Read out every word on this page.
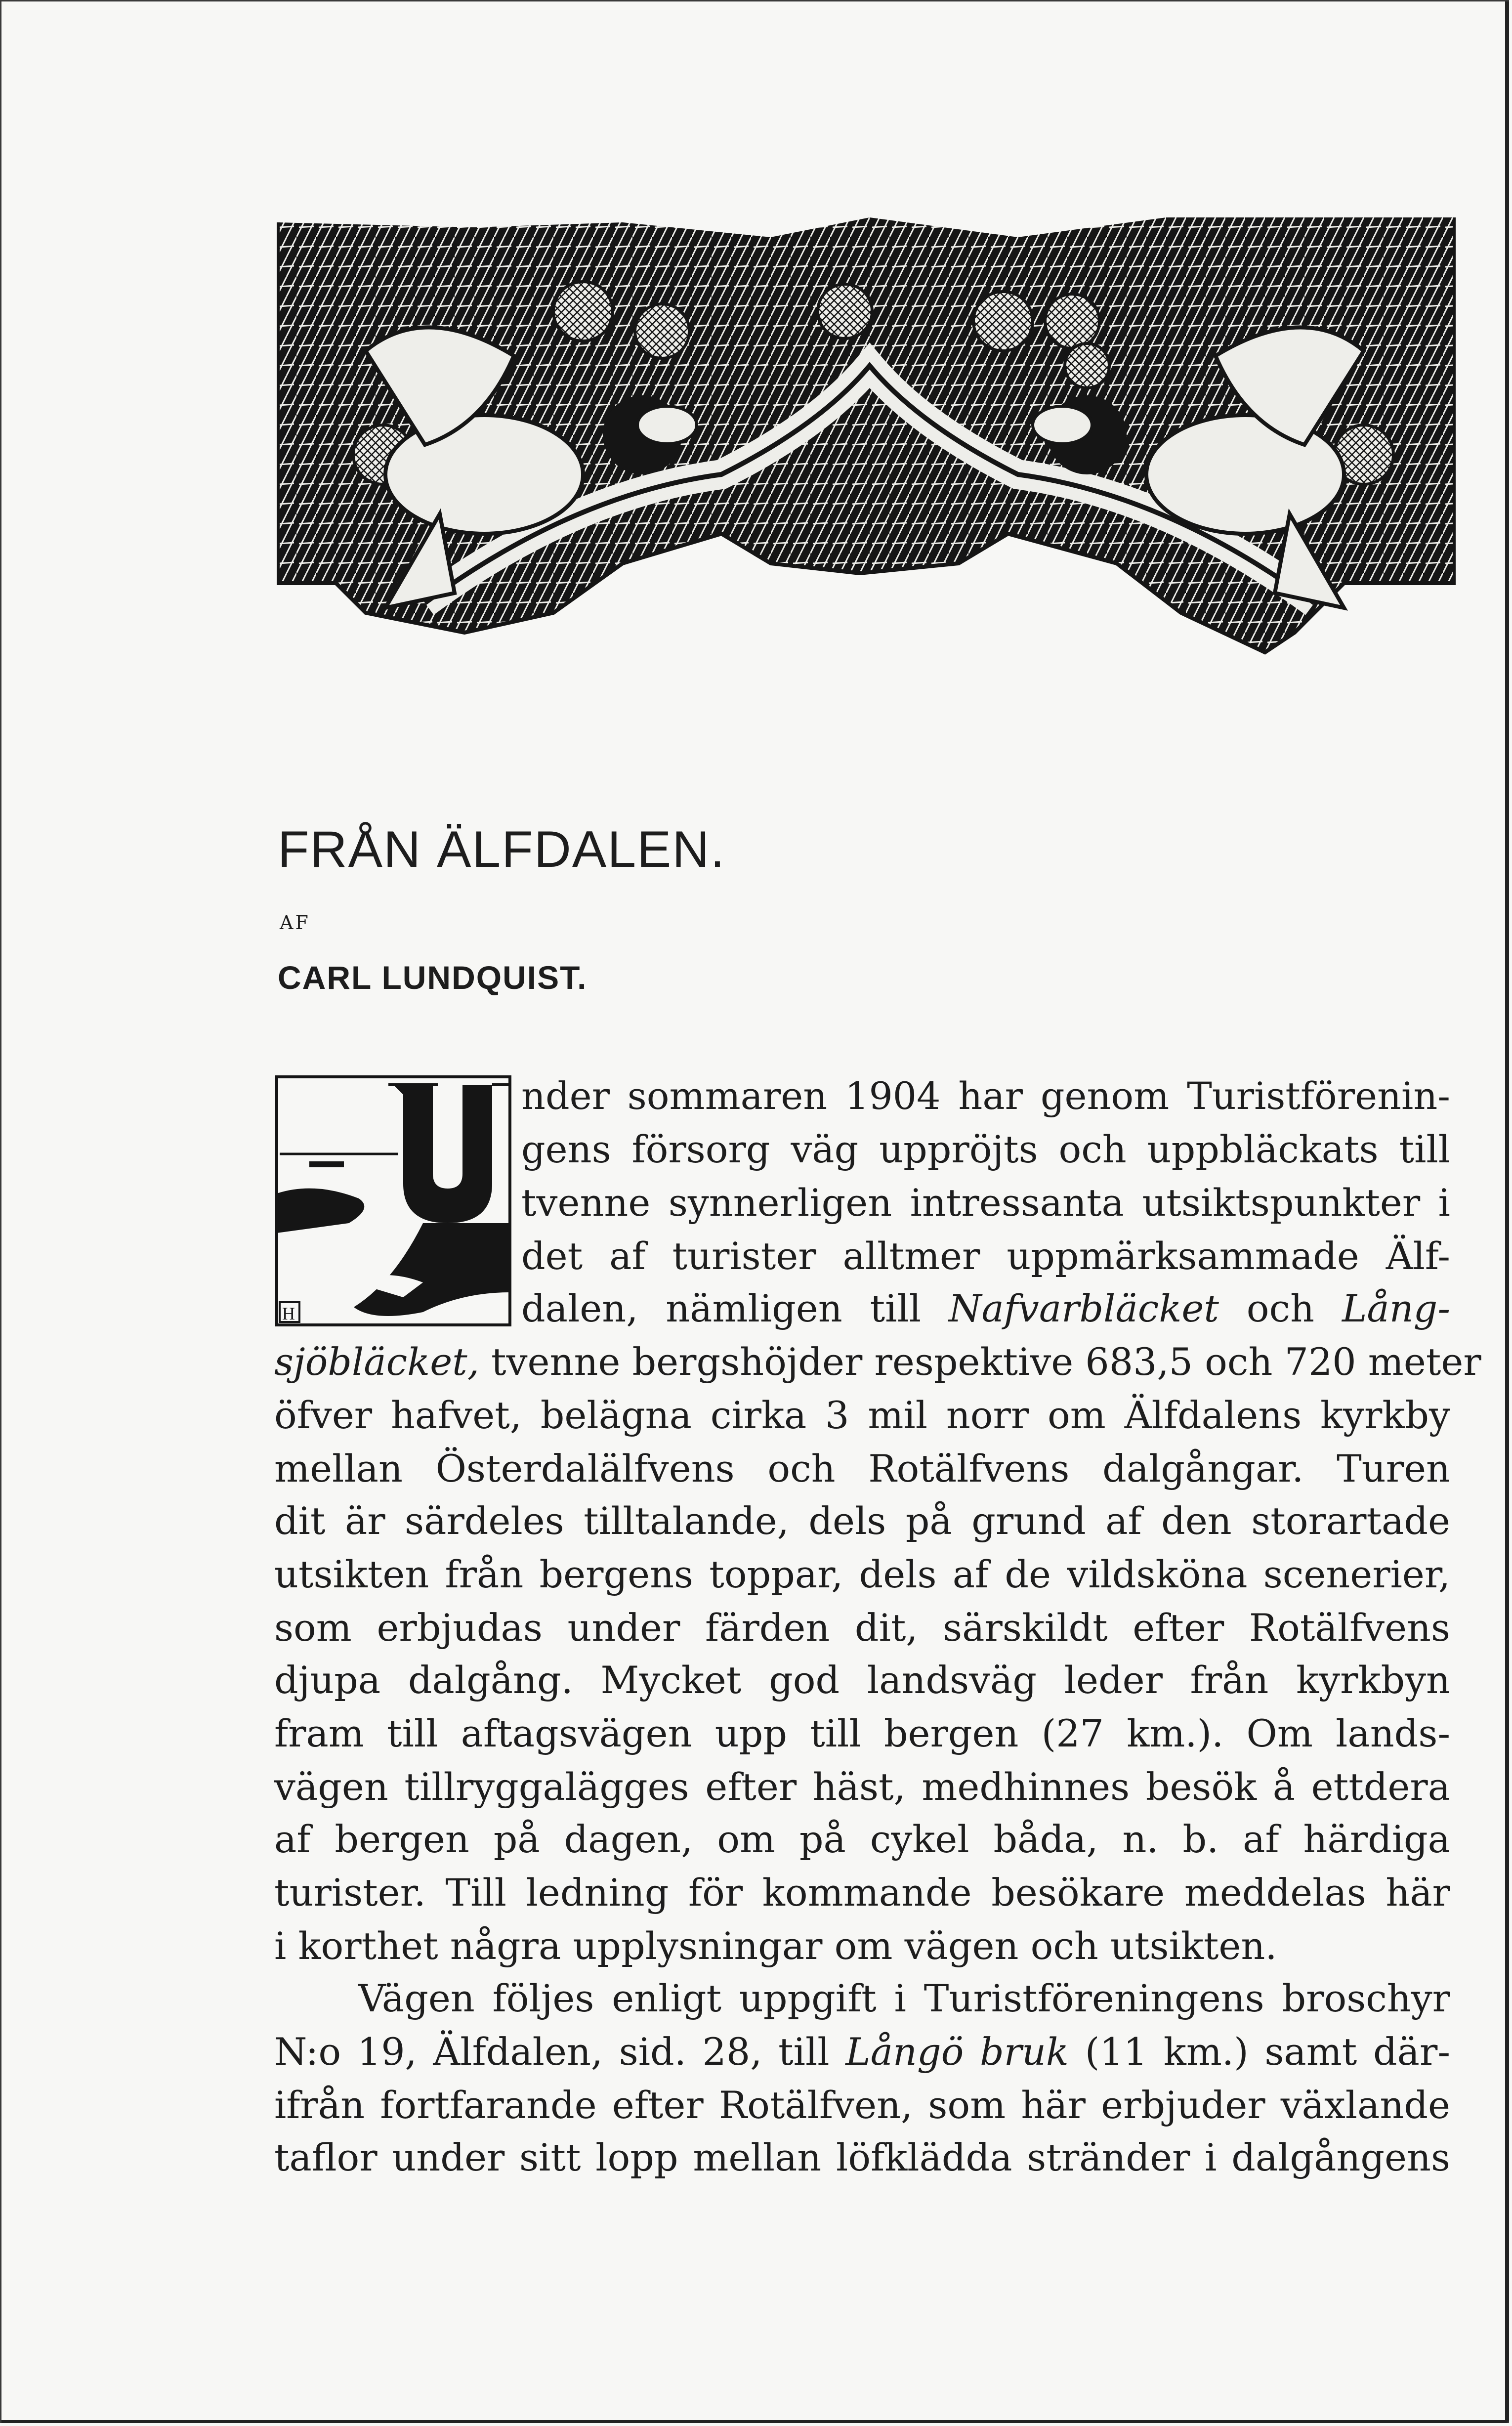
FRÅN ÄLFDALEN.
AF
CARL LUNDQUIST.
H
nder sommaren 1904 har genom Turistförenin-
gens försorg väg uppröjts och uppbläckats till
tvenne synnerligen intressanta utsiktspunkter i
det af turister alltmer uppmärksammade Älf-
dalen, nämligen till Nafvarbläcket och Lång-
sjöbläcket, tvenne bergshöjder respektive 683,5 och 720 meter
öfver hafvet, belägna cirka 3 mil norr om Älfdalens kyrkby
mellan Österdalälfvens och Rotälfvens dalgångar. Turen
dit är särdeles tilltalande, dels på grund af den storartade
utsikten från bergens toppar, dels af de vildsköna scenerier,
som erbjudas under färden dit, särskildt efter Rotälfvens
djupa dalgång. Mycket god landsväg leder från kyrkbyn
fram till aftagsvägen upp till bergen (27 km.). Om lands-
vägen tillryggalägges efter häst, medhinnes besök å ettdera
af bergen på dagen, om på cykel båda, n. b. af härdiga
turister. Till ledning för kommande besökare meddelas här
i korthet några upplysningar om vägen och utsikten.
Vägen följes enligt uppgift i Turistföreningens broschyr
N:o 19, Älfdalen, sid. 28, till Långö bruk (11 km.) samt där-
ifrån fortfarande efter Rotälfven, som här erbjuder växlande
taflor under sitt lopp mellan löfklädda stränder i dalgångens
